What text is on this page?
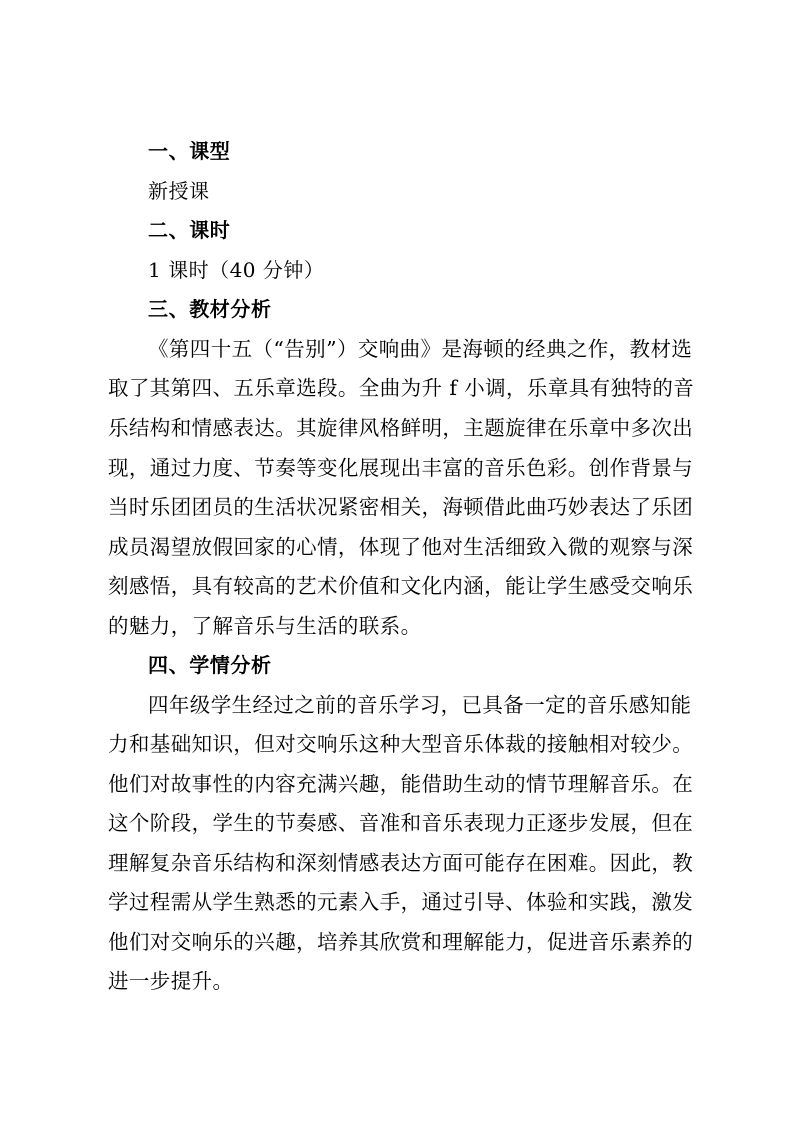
一、课型
新授课
二、课时
1 课时（40 分钟）
三、教材分析
《第四十五（“告别”）交响曲》是海顿的经典之作，教材选
取了其第四、五乐章选段。全曲为升 f 小调，乐章具有独特的音
乐结构和情感表达。其旋律风格鲜明，主题旋律在乐章中多次出
现，通过力度、节奏等变化展现出丰富的音乐色彩。创作背景与
当时乐团团员的生活状况紧密相关，海顿借此曲巧妙表达了乐团
成员渴望放假回家的心情，体现了他对生活细致入微的观察与深
刻感悟，具有较高的艺术价值和文化内涵，能让学生感受交响乐
的魅力，了解音乐与生活的联系。
四、学情分析
四年级学生经过之前的音乐学习，已具备一定的音乐感知能
力和基础知识，但对交响乐这种大型音乐体裁的接触相对较少。
他们对故事性的内容充满兴趣，能借助生动的情节理解音乐。在
这个阶段，学生的节奏感、音准和音乐表现力正逐步发展，但在
理解复杂音乐结构和深刻情感表达方面可能存在困难。因此，教
学过程需从学生熟悉的元素入手，通过引导、体验和实践，激发
他们对交响乐的兴趣，培养其欣赏和理解能力，促进音乐素养的
进一步提升。
